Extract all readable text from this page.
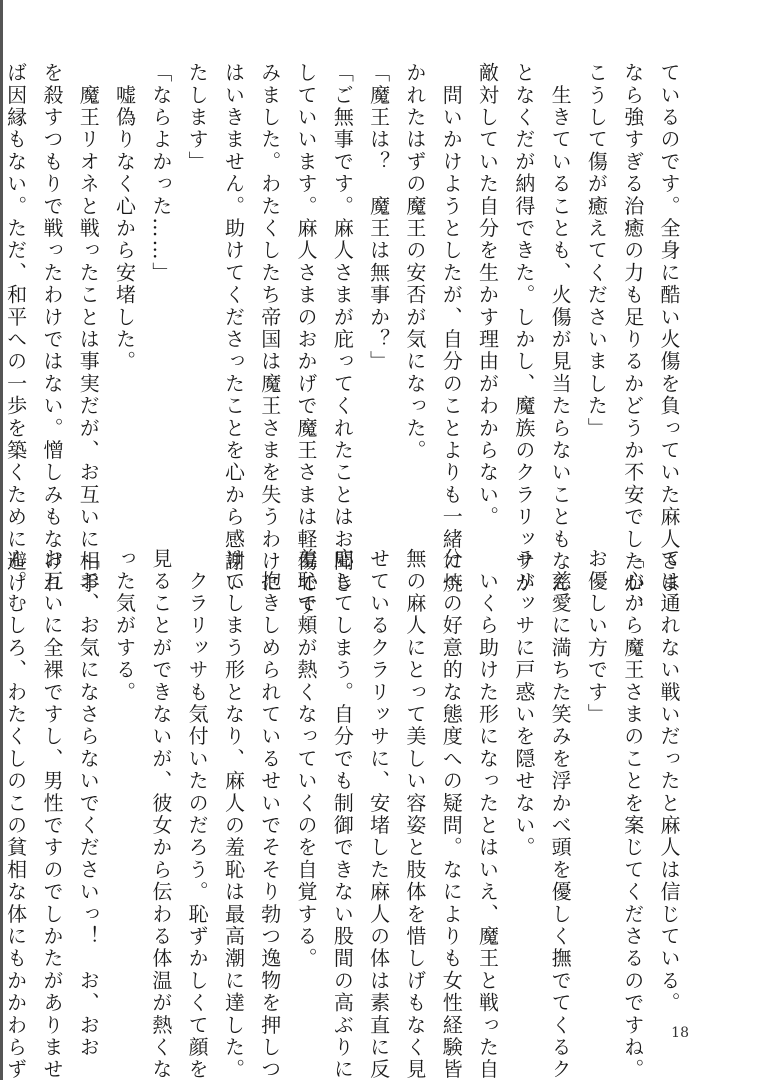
ているのです。全身に酷い火傷を負っていた麻人さま
なら強すぎる治癒の力も足りるかどうか不安でしたが、
こうして傷が癒えてくださいました」
　生きていることも、火傷が見当たらないこともなん
となくだが納得できた。しかし、魔族のクラリッサが
敵対していた自分を生かす理由がわからない。
　問いかけようとしたが、自分のことよりも一緒に焼
かれたはずの魔王の安否が気になった。
「魔王は？　魔王は無事か？」
「ご無事です。麻人さまが庇ってくれたことはお聞き
していいます。麻人さまのおかげで魔王さまは軽傷です
みました。わたくしたち帝国は魔王さまを失うわけに
はいきません。助けてくださったことを心から感謝い
たします」
「ならよかった……」
　嘘偽りなく心から安堵した。
　魔王リオネと戦ったことは事実だが、お互いに相手
を殺すつもりで戦ったわけではない。憎しみもなけれ
ば因縁もない。ただ、和平への一歩を築くために避け
ては通れない戦いだったと麻人は信じている。
「心から魔王さまのことを案じてくださるのですね。
お優しい方です」
　慈愛に満ちた笑みを浮かべ頭を優しく撫でてくるク
ラリッサに戸惑いを隠せない。
　いくら助けた形になったとはいえ、魔王と戦った自
分への好意的な態度への疑問。なによりも女性経験皆
無の麻人にとって美しい容姿と肢体を惜しげもなく見
せているクラリッサに、安堵した麻人の体は素直に反
応してしまう。自分でも制御できない股間の高ぶりに
羞恥で頬が熱くなっていくのを自覚する。
　抱きしめられているせいでそそり勃つ逸物を押しつ
けてしまう形となり、麻人の羞恥は最高潮に達した。
　クラリッサも気付いたのだろう。恥ずかしくて顔を
見ることができないが、彼女から伝わる体温が熱くな
った気がする。
「お、お気になさらないでくださいっ！　お、おお
お互いに全裸ですし、男性ですのでしかたがありませ
ん。むしろ、わたくしのこの貧相な体にもかかわらず	18
